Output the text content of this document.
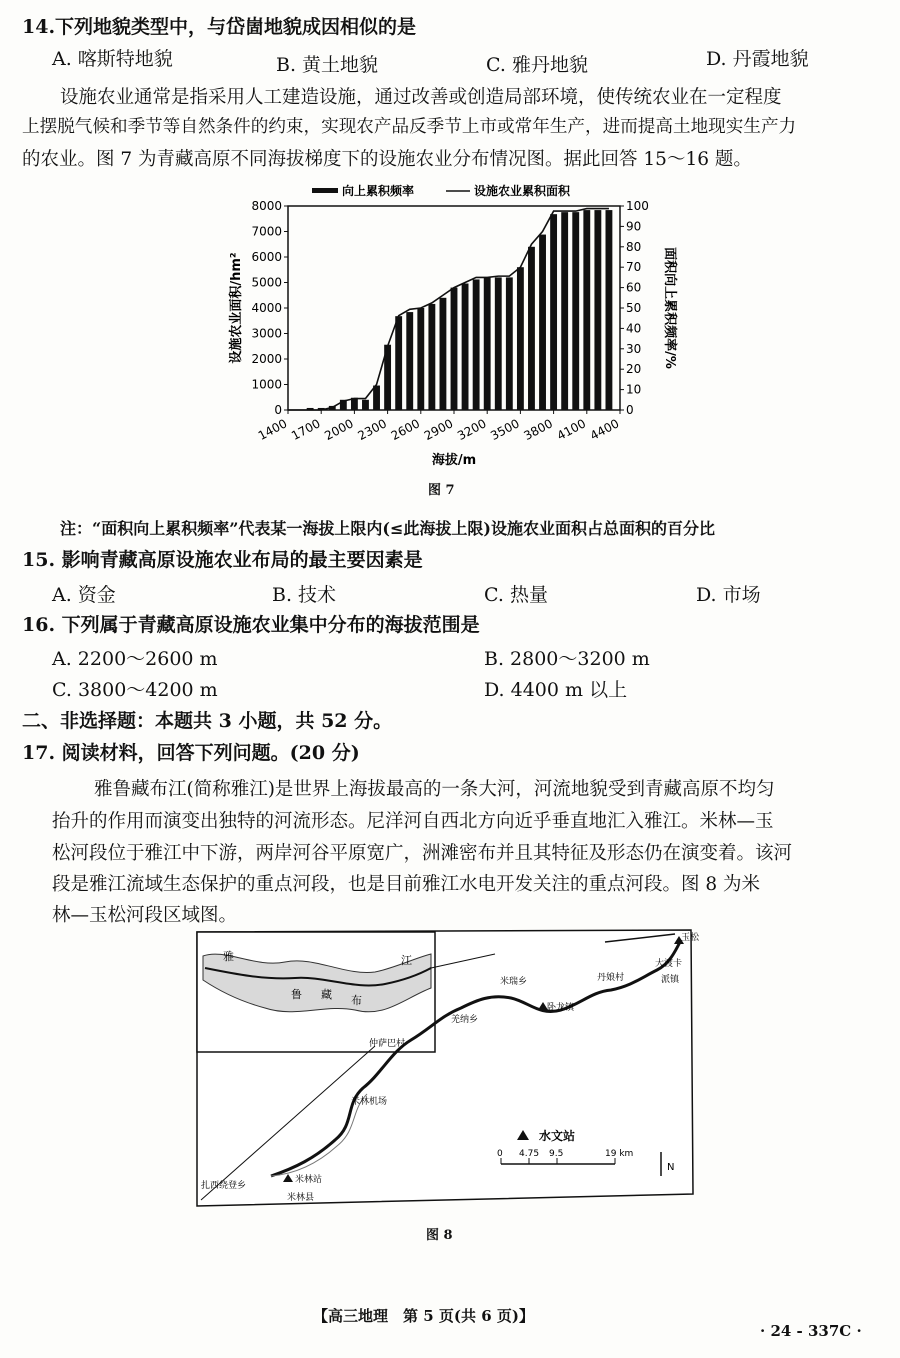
14.下列地貌类型中，与岱崮地貌成因相似的是
A. 喀斯特地貌	B. 黄土地貌	C. 雅丹地貌	D. 丹霞地貌
设施农业通常是指采用人工建造设施，通过改善或创造局部环境，使传统农业在一定程度
上摆脱气候和季节等自然条件的约束，实现农产品反季节上市或常年生产，进而提高土地现实生产力
的农业。图 7 为青藏高原不同海拔梯度下的设施农业分布情况图。据此回答 15～16 题。
向上累积频率	设施农业累积面积
0
1000
2000
3000
4000
5000
6000
7000
8000
0
10
20
30
40
50
60
70
80
90
100
1400 1700 2000 2300 2600 2900 3200 3500 3800 4100 4400
设施农业面积/hm²	面积向上累积频率/%
海拔/m
图 7
注：“面积向上累积频率”代表某一海拔上限内(≤此海拔上限)设施农业面积占总面积的百分比
15. 影响青藏高原设施农业布局的最主要因素是
A. 资金	B. 技术	C. 热量	D. 市场
16. 下列属于青藏高原设施农业集中分布的海拔范围是
A. 2200～2600 m	B. 2800～3200 m
C. 3800～4200 m	D. 4400 m 以上
二、非选择题：本题共 3 小题，共 52 分。
17. 阅读材料，回答下列问题。(20 分)
雅鲁藏布江(简称雅江)是世界上海拔最高的一条大河，河流地貌受到青藏高原不均匀
抬升的作用而演变出独特的河流形态。尼洋河自西北方向近乎垂直地汇入雅江。米林—玉
松河段位于雅江中下游，两岸河谷平原宽广，洲滩密布并且其特征及形态仍在演变着。该河
段是雅江流域生态保护的重点河段，也是目前雅江水电开发关注的重点河段。图 8 为米
林—玉松河段区域图。
雅
鲁 藏 布
江
玉松
大渡卡
派镇
米瑞乡	丹娘村
卧龙镇
羌纳乡
仲萨巴村
米林机场
扎西绕登乡
米林站
米林县
水文站
0 4.75 9.5	19 km
N
图 8
【高三地理　第 5 页(共 6 页)】
· 24 - 337C ·
